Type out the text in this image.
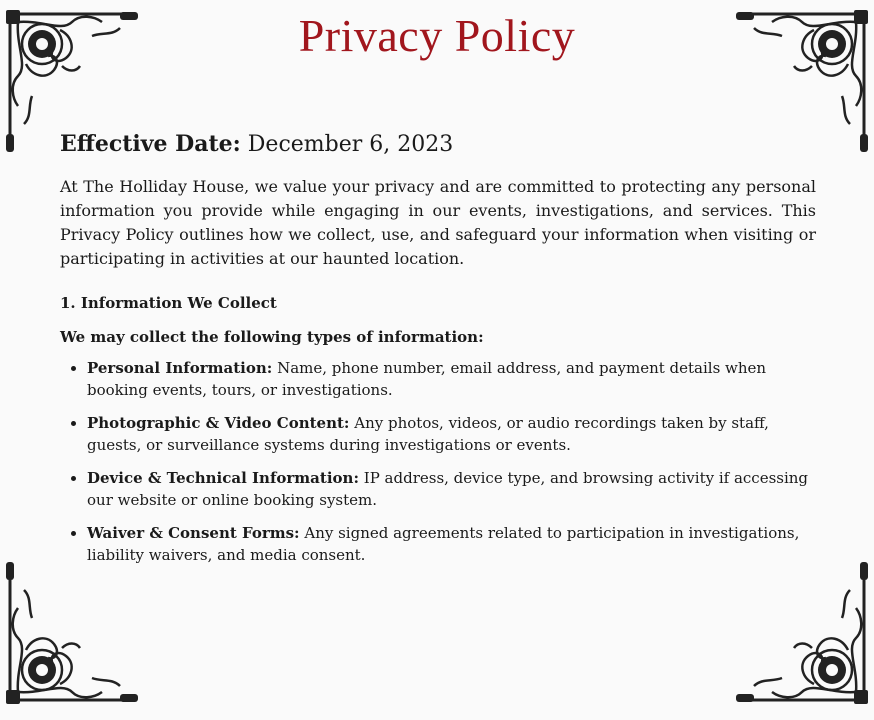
Privacy Policy

Effective Date: December 6, 2023

At The Holliday House, we value your privacy and are committed to protecting any personal information you provide while engaging in our events, investigations, and services. This Privacy Policy outlines how we collect, use, and safeguard your information when visiting or participating in activities at our haunted location.

1. Information We Collect
We may collect the following types of information:
• Personal Information: Name, phone number, email address, and payment details when booking events, tours, or investigations.
• Photographic & Video Content: Any photos, videos, or audio recordings taken by staff, guests, or surveillance systems during investigations or events.
• Device & Technical Information: IP address, device type, and browsing activity if accessing our website or online booking system.
• Waiver & Consent Forms: Any signed agreements related to participation in investigations, liability waivers, and media consent.
